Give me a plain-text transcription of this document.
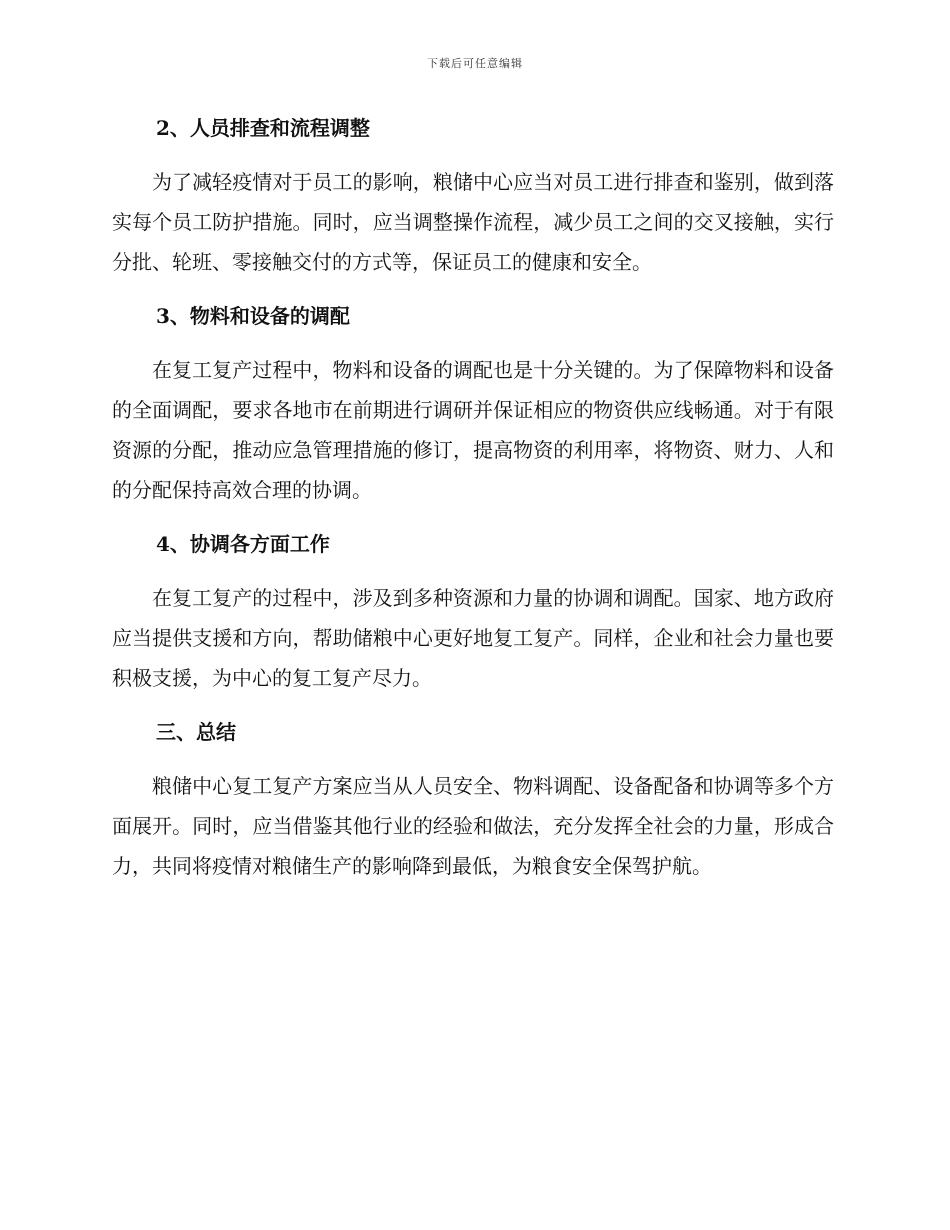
下载后可任意编辑
2、人员排查和流程调整

为了减轻疫情对于员工的影响，粮储中心应当对员工进行排查和鉴别，做到落实每个员工防护措施。同时，应当调整操作流程，减少员工之间的交叉接触，实行分批、轮班、零接触交付的方式等，保证员工的健康和安全。

3、物料和设备的调配

在复工复产过程中，物料和设备的调配也是十分关键的。为了保障物料和设备的全面调配，要求各地市在前期进行调研并保证相应的物资供应线畅通。对于有限资源的分配，推动应急管理措施的修订，提高物资的利用率，将物资、财力、人和的分配保持高效合理的协调。

4、协调各方面工作

在复工复产的过程中，涉及到多种资源和力量的协调和调配。国家、地方政府应当提供支援和方向，帮助储粮中心更好地复工复产。同样，企业和社会力量也要积极支援，为中心的复工复产尽力。

三、总结

粮储中心复工复产方案应当从人员安全、物料调配、设备配备和协调等多个方面展开。同时，应当借鉴其他行业的经验和做法，充分发挥全社会的力量，形成合力，共同将疫情对粮储生产的影响降到最低，为粮食安全保驾护航。
